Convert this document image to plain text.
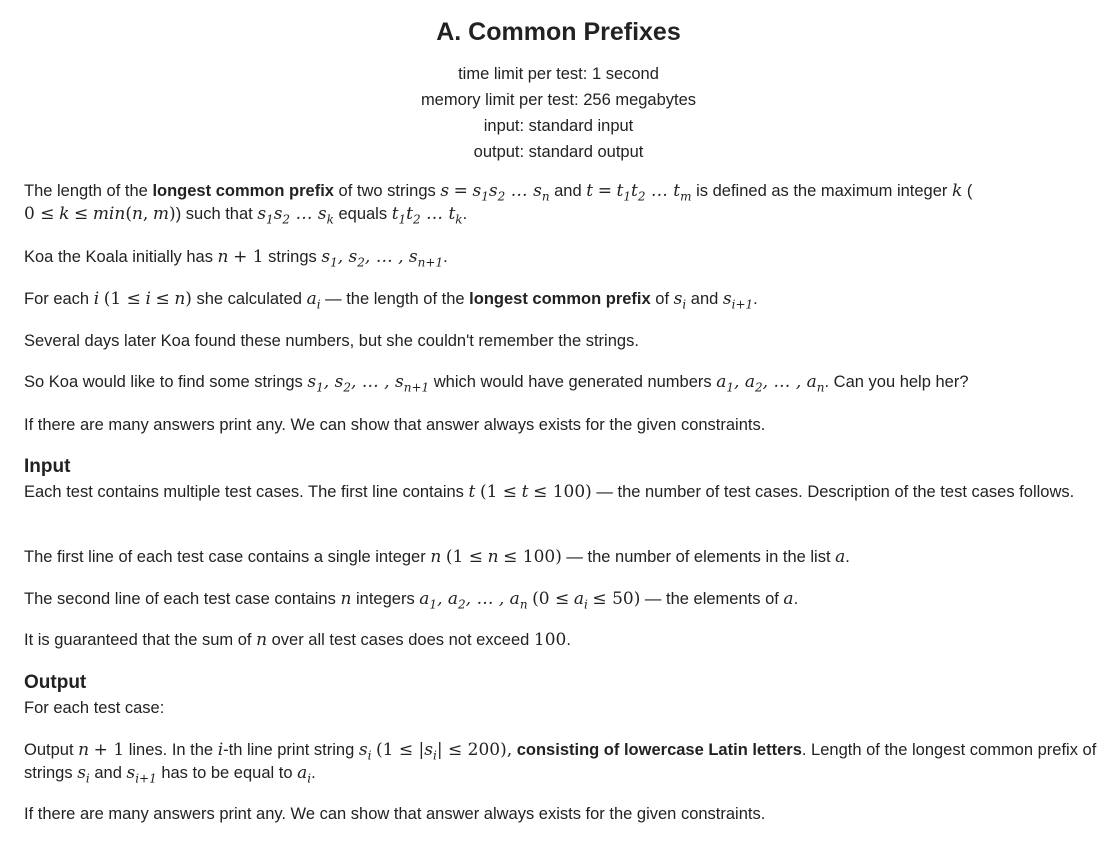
A. Common Prefixes
time limit per test: 1 second
memory limit per test: 256 megabytes
input: standard input
output: standard output
The length of the longest common prefix of two strings $s = s_1s_2$ … $s_n$ and $t = t_1t_2$ … $t_m$ is defined as the maximum integer k (
0 ≤ k ≤ min(n, m)) such that $s_1s_2$ … $s_k$ equals $t_1t_2$ … $t_k$.
Koa the Koala initially has n + 1 strings $s_1$, $s_2$, … , $s_{n+1}$.
For each i (1 ≤ i ≤ n) she calculated $a_i$ — the length of the longest common prefix of $s_i$ and $s_{i+1}$.
Several days later Koa found these numbers, but she couldn't remember the strings.
So Koa would like to find some strings $s_1$, $s_2$, … , $s_{n+1}$ which would have generated numbers $a_1$, $a_2$, … , $a_n$. Can you help her?
If there are many answers print any. We can show that answer always exists for the given constraints.
Input
Each test contains multiple test cases. The first line contains t (1 ≤ t ≤ 100) — the number of test cases. Description of the test cases follows.
The first line of each test case contains a single integer n (1 ≤ n ≤ 100) — the number of elements in the list a.
The second line of each test case contains n integers $a_1$, $a_2$, … , $a_n$ $(0 \le a_i \le 50)$ — the elements of a.
It is guaranteed that the sum of n over all test cases does not exceed 100.
Output
For each test case:
Output n + 1 lines. In the i-th line print string $s_i$ $(1 \le |s_i| \le 200)$, consisting of lowercase Latin letters. Length of the longest common prefix of strings $s_i$ and $s_{i+1}$ has to be equal to $a_i$.
If there are many answers print any. We can show that answer always exists for the given constraints.
